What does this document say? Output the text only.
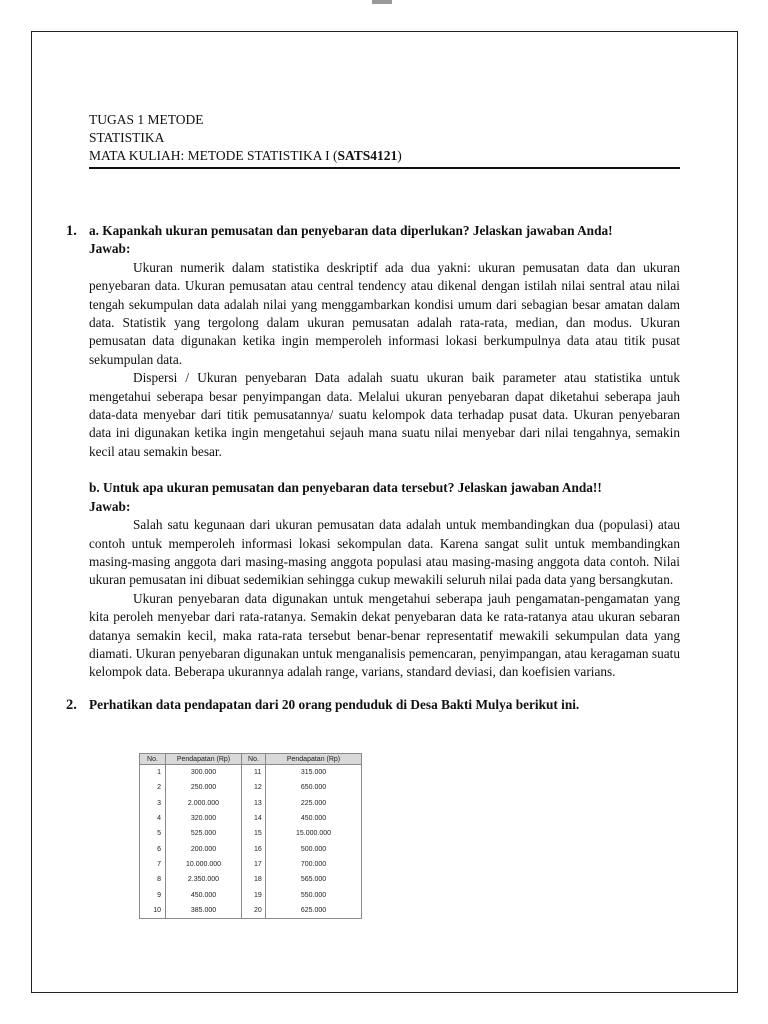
TUGAS 1 METODE
STATISTIKA
MATA KULIAH: METODE STATISTIKA I (SATS4121)
1. a. Kapankah ukuran pemusatan dan penyebaran data diperlukan? Jelaskan jawaban Anda!
Jawab:

Ukuran numerik dalam statistika deskriptif ada dua yakni: ukuran pemusatan data dan ukuran penyebaran data. Ukuran pemusatan atau central tendency atau dikenal dengan istilah nilai sentral atau nilai tengah sekumpulan data adalah nilai yang menggambarkan kondisi umum dari sebagian besar amatan dalam data. Statistik yang tergolong dalam ukuran pemusatan adalah rata-rata, median, dan modus. Ukuran pemusatan data digunakan ketika ingin memperoleh informasi lokasi berkumpulnya data atau titik pusat sekumpulan data.

Dispersi / Ukuran penyebaran Data adalah suatu ukuran baik parameter atau statistika untuk mengetahui seberapa besar penyimpangan data. Melalui ukuran penyebaran dapat diketahui seberapa jauh data-data menyebar dari titik pemusatannya/ suatu kelompok data terhadap pusat data. Ukuran penyebaran data ini digunakan ketika ingin mengetahui sejauh mana suatu nilai menyebar dari nilai tengahnya, semakin kecil atau semakin besar.

b. Untuk apa ukuran pemusatan dan penyebaran data tersebut? Jelaskan jawaban Anda!!
Jawab:

Salah satu kegunaan dari ukuran pemusatan data adalah untuk membandingkan dua (populasi) atau contoh untuk memperoleh informasi lokasi sekompulan data. Karena sangat sulit untuk membandingkan masing-masing anggota dari masing-masing anggota populasi atau masing-masing anggota data contoh. Nilai ukuran pemusatan ini dibuat sedemikian sehingga cukup mewakili seluruh nilai pada data yang bersangkutan.

Ukuran penyebaran data digunakan untuk mengetahui seberapa jauh pengamatan-pengamatan yang kita peroleh menyebar dari rata-ratanya. Semakin dekat penyebaran data ke rata-ratanya atau ukuran sebaran datanya semakin kecil, maka rata-rata tersebut benar-benar representatif mewakili sekumpulan data yang diamati. Ukuran penyebaran digunakan untuk menganalisis pemencaran, penyimpangan, atau keragaman suatu kelompok data. Beberapa ukurannya adalah range, varians, standard deviasi, dan koefisien varians.

2. Perhatikan data pendapatan dari 20 orang penduduk di Desa Bakti Mulya berikut ini.
No.	Pendapatan (Rp)	No.	Pendapatan (Rp)
1	300.000	11	315.000
2	250.000	12	650.000
3	2.000.000	13	225.000
4	320.000	14	450.000
5	525.000	15	15.000.000
6	200.000	16	500.000
7	10.000.000	17	700.000
8	2.350.000	18	565.000
9	450.000	19	550.000
10	385.000	20	625.000
